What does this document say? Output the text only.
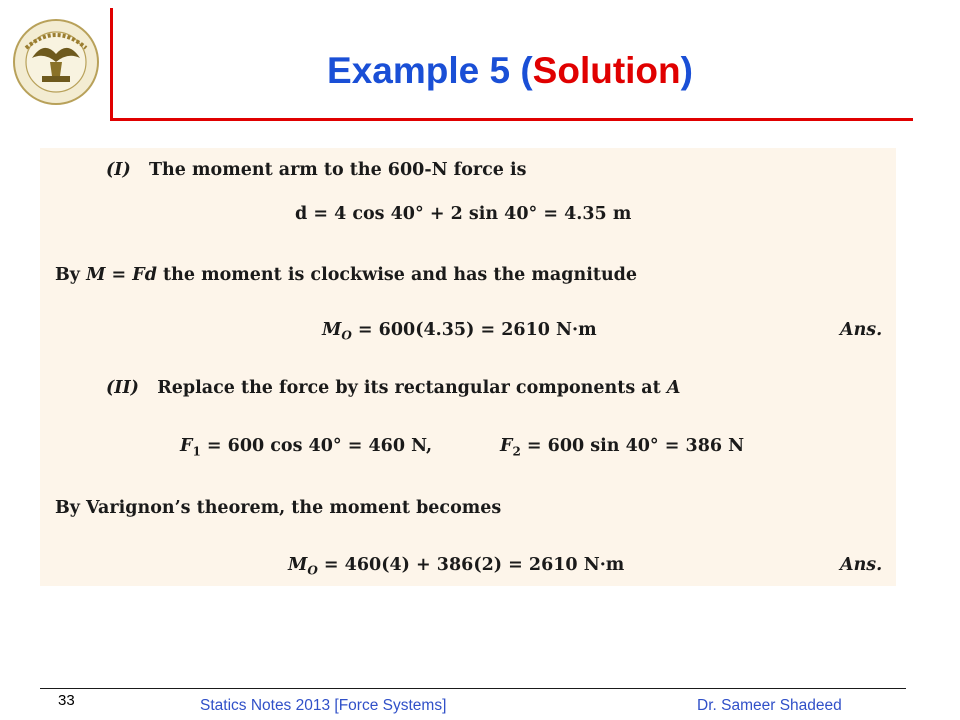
Example 5 (Solution)
(I) The moment arm to the 600-N force is
d = 4 cos 40° + 2 sin 40° = 4.35 m
By M = Fd the moment is clockwise and has the magnitude
$M_O = 600(4.35) = 2610$ N·m	Ans.
(II) Replace the force by its rectangular components at A
$F_1 = 600$ cos 40° = 460 N,	$F_2 = 600$ sin 40° = 386 N
By Varignon’s theorem, the moment becomes
$M_O = 460(4) + 386(2) = 2610$ N·m	Ans.
33	Statics Notes 2013 [Force Systems]	Dr. Sameer Shadeed
